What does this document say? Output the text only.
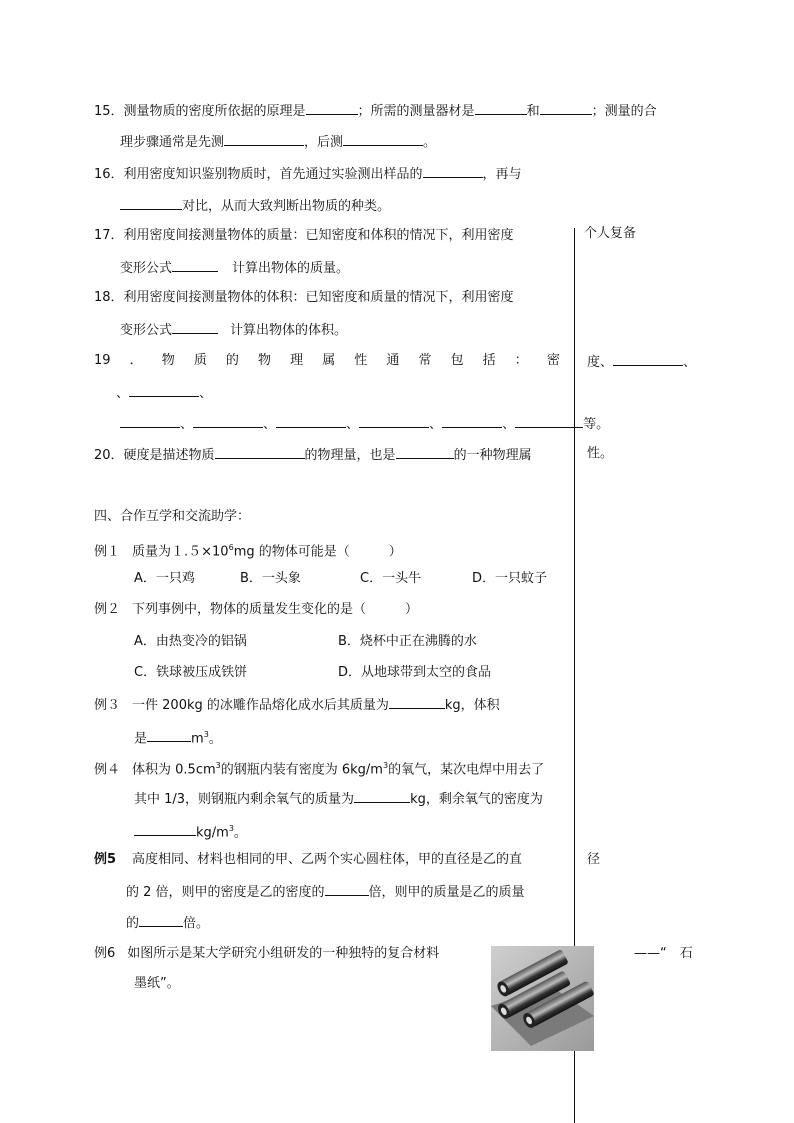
15．测量物质的密度所依据的原理是	；所需的测量器材是	和	；测量的合
理步骤通常是先测	，后测	。
16．利用密度知识鉴别物质时，首先通过实验测出样品的	，再与
对比，从而大致判断出物质的种类。
17．利用密度间接测量物体的质量：已知密度和体积的情况下，利用密度
变形公式	计算出物体的质量。
18．利用密度间接测量物体的体积：已知密度和质量的情况下，利用密度
变形公式	计算出物体的体积。
19 ． 物 质 的 物 理 属 性 通 常 包 括 ： 密
、	、
、	、	、	、	、	等。
20．硬度是描述物质	的物理量，也是	的一种物理属
个人复备
度、	、
性。
径
——“　石
四、合作互学和交流助学：
例１ 质量为$1.5\times 10^6mg$ 的物体可能是（　　　）
A．一只鸡	B．一头象	C．一头牛	D．一只蚊子
例２ 下列事例中，物体的质量发生变化的是（　　　）
A．由热变冷的铝锅	B．烧杯中正在沸腾的水
C．铁球被压成铁饼	D．从地球带到太空的食品
例３ 一件 200kg 的冰雕作品熔化成水后其质量为	kg，体积
是	$m^3$。
例４ 体积为 $0.5cm^3$的钢瓶内装有密度为 $6kg/m^3$的氧气，某次电焊中用去了
其中 1/3，则钢瓶内剩余氧气的质量为	kg，剩余氧气的密度为
$kg/m^3$。
例5 高度相同、材料也相同的甲、乙两个实心圆柱体，甲的直径是乙的直
的 2 倍，则甲的密度是乙的密度的	倍，则甲的质量是乙的质量
的	倍。
例6 如图所示是某大学研究小组研发的一种独特的复合材料
墨纸”。
